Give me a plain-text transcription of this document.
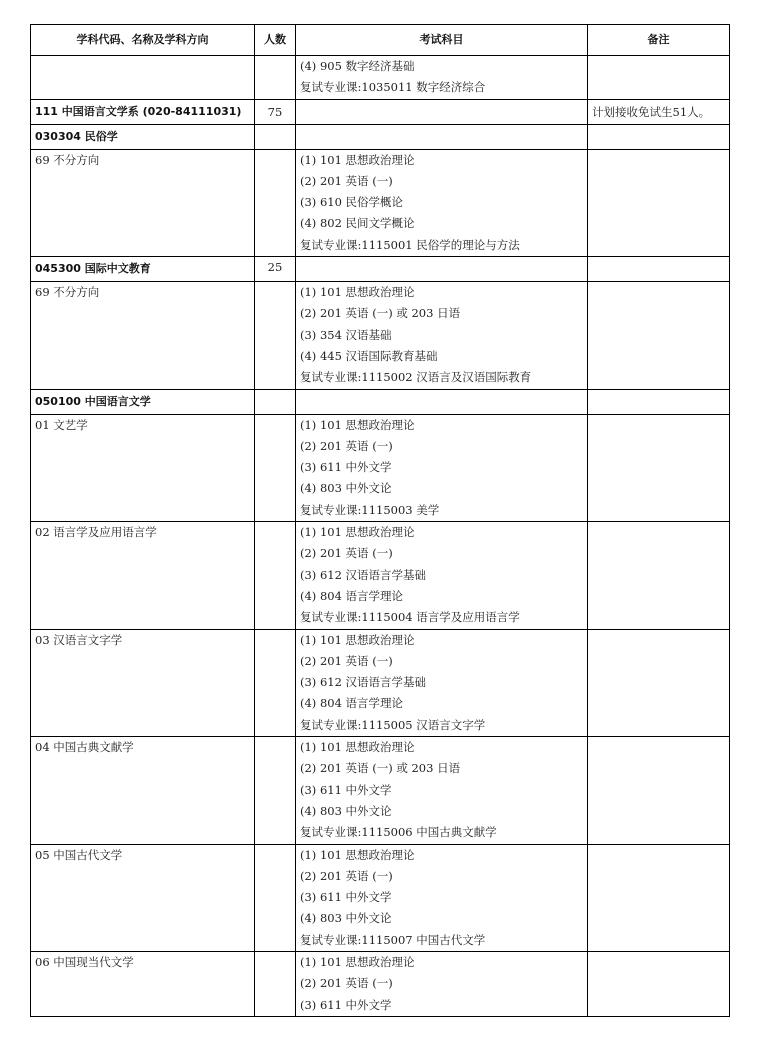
学科代码、名称及学科方向	人数	考试科目	备注

		(4) 905 数字经济基础
复试专业课:1035011 数字经济综合	

111 中国语言文学系 (020-84111031)	75		计划接收免试生51人。
030304 民俗学			
69 不分方向		(1) 101 思想政治理论
(2) 201 英语 (一)
(3) 610 民俗学概论
(4) 802 民间文学概论
复试专业课:1115001 民俗学的理论与方法	

045300 国际中文教育	25		
69 不分方向		(1) 101 思想政治理论
(2) 201 英语 (一) 或 203 日语
(3) 354 汉语基础
(4) 445 汉语国际教育基础
复试专业课:1115002 汉语言及汉语国际教育	

050100 中国语言文学			
01 文艺学		(1) 101 思想政治理论
(2) 201 英语 (一)
(3) 611 中外文学
(4) 803 中外文论
复试专业课:1115003 美学	

02 语言学及应用语言学		(1) 101 思想政治理论
(2) 201 英语 (一)
(3) 612 汉语语言学基础
(4) 804 语言学理论
复试专业课:1115004 语言学及应用语言学	

03 汉语言文字学		(1) 101 思想政治理论
(2) 201 英语 (一)
(3) 612 汉语语言学基础
(4) 804 语言学理论
复试专业课:1115005 汉语言文字学	

04 中国古典文献学		(1) 101 思想政治理论
(2) 201 英语 (一) 或 203 日语
(3) 611 中外文学
(4) 803 中外文论
复试专业课:1115006 中国古典文献学	

05 中国古代文学		(1) 101 思想政治理论
(2) 201 英语 (一)
(3) 611 中外文学
(4) 803 中外文论
复试专业课:1115007 中国古代文学	

06 中国现当代文学		(1) 101 思想政治理论
(2) 201 英语 (一)
(3) 611 中外文学	
